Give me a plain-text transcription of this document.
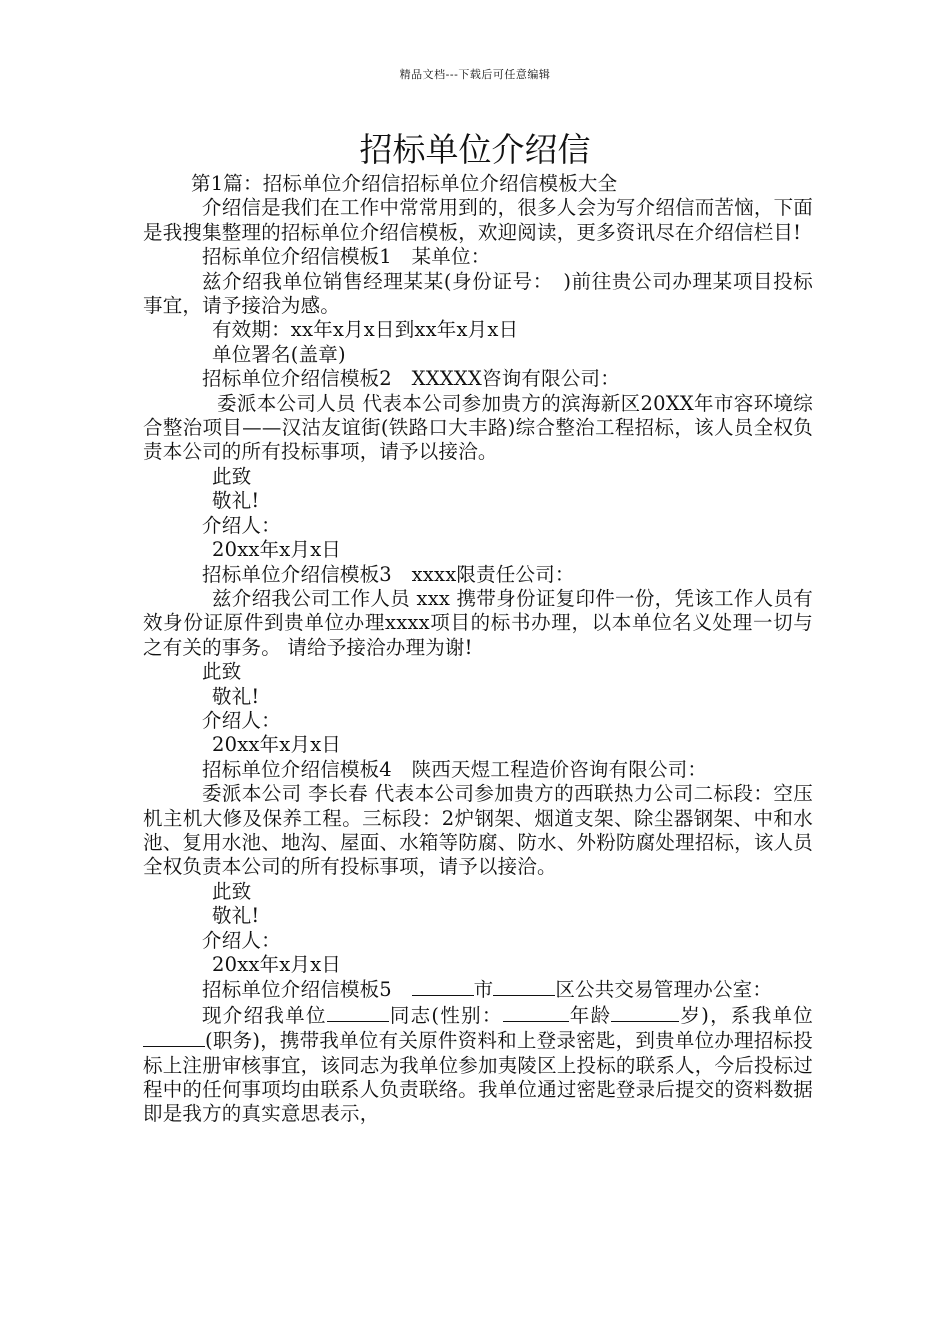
精品文档---下载后可任意编辑
招标单位介绍信

第1篇：招标单位介绍信招标单位介绍信模板大全

介绍信是我们在工作中常常用到的，很多人会为写介绍信而苦恼，下面是我搜集整理的招标单位介绍信模板，欢迎阅读，更多资讯尽在介绍信栏目!

招标单位介绍信模板1　某单位：

兹介绍我单位销售经理某某(身份证号：　)前往贵公司办理某项目投标事宜，请予接洽为感。

有效期：xx年x月x日到xx年x月x日

单位署名(盖章)

招标单位介绍信模板2　XXXXX咨询有限公司：

委派本公司人员 代表本公司参加贵方的滨海新区20XX年市容环境综合整治项目——汉沽友谊街(铁路口大丰路)综合整治工程招标，该人员全权负责本公司的所有投标事项，请予以接洽。

此致

敬礼!

介绍人：

20xx年x月x日

招标单位介绍信模板3　xxxx限责任公司：

兹介绍我公司工作人员 xxx 携带身份证复印件一份，凭该工作人员有效身份证原件到贵单位办理xxxx项目的标书办理，以本单位名义处理一切与之有关的事务。 请给予接洽办理为谢!

此致

敬礼!

介绍人：

20xx年x月x日

招标单位介绍信模板4　陕西天煜工程造价咨询有限公司：

委派本公司 李长春 代表本公司参加贵方的西联热力公司二标段：空压机主机大修及保养工程。三标段：2炉钢架、烟道支架、除尘器钢架、中和水池、复用水池、地沟、屋面、水箱等防腐、防水、外粉防腐处理招标，该人员全权负责本公司的所有投标事项，请予以接洽。

此致

敬礼!

介绍人：

20xx年x月x日

招标单位介绍信模板5　	市	区公共交易管理办公室：

现介绍我单位	同志(性别：	年龄	岁)，系我单位(职务)，携带我单位有关原件资料和上登录密匙，到贵单位办理招标投标上注册审核事宜，该同志为我单位参加夷陵区上投标的联系人，今后投标过程中的任何事项均由联系人负责联络。我单位通过密匙登录后提交的资料数据即是我方的真实意思表示，
